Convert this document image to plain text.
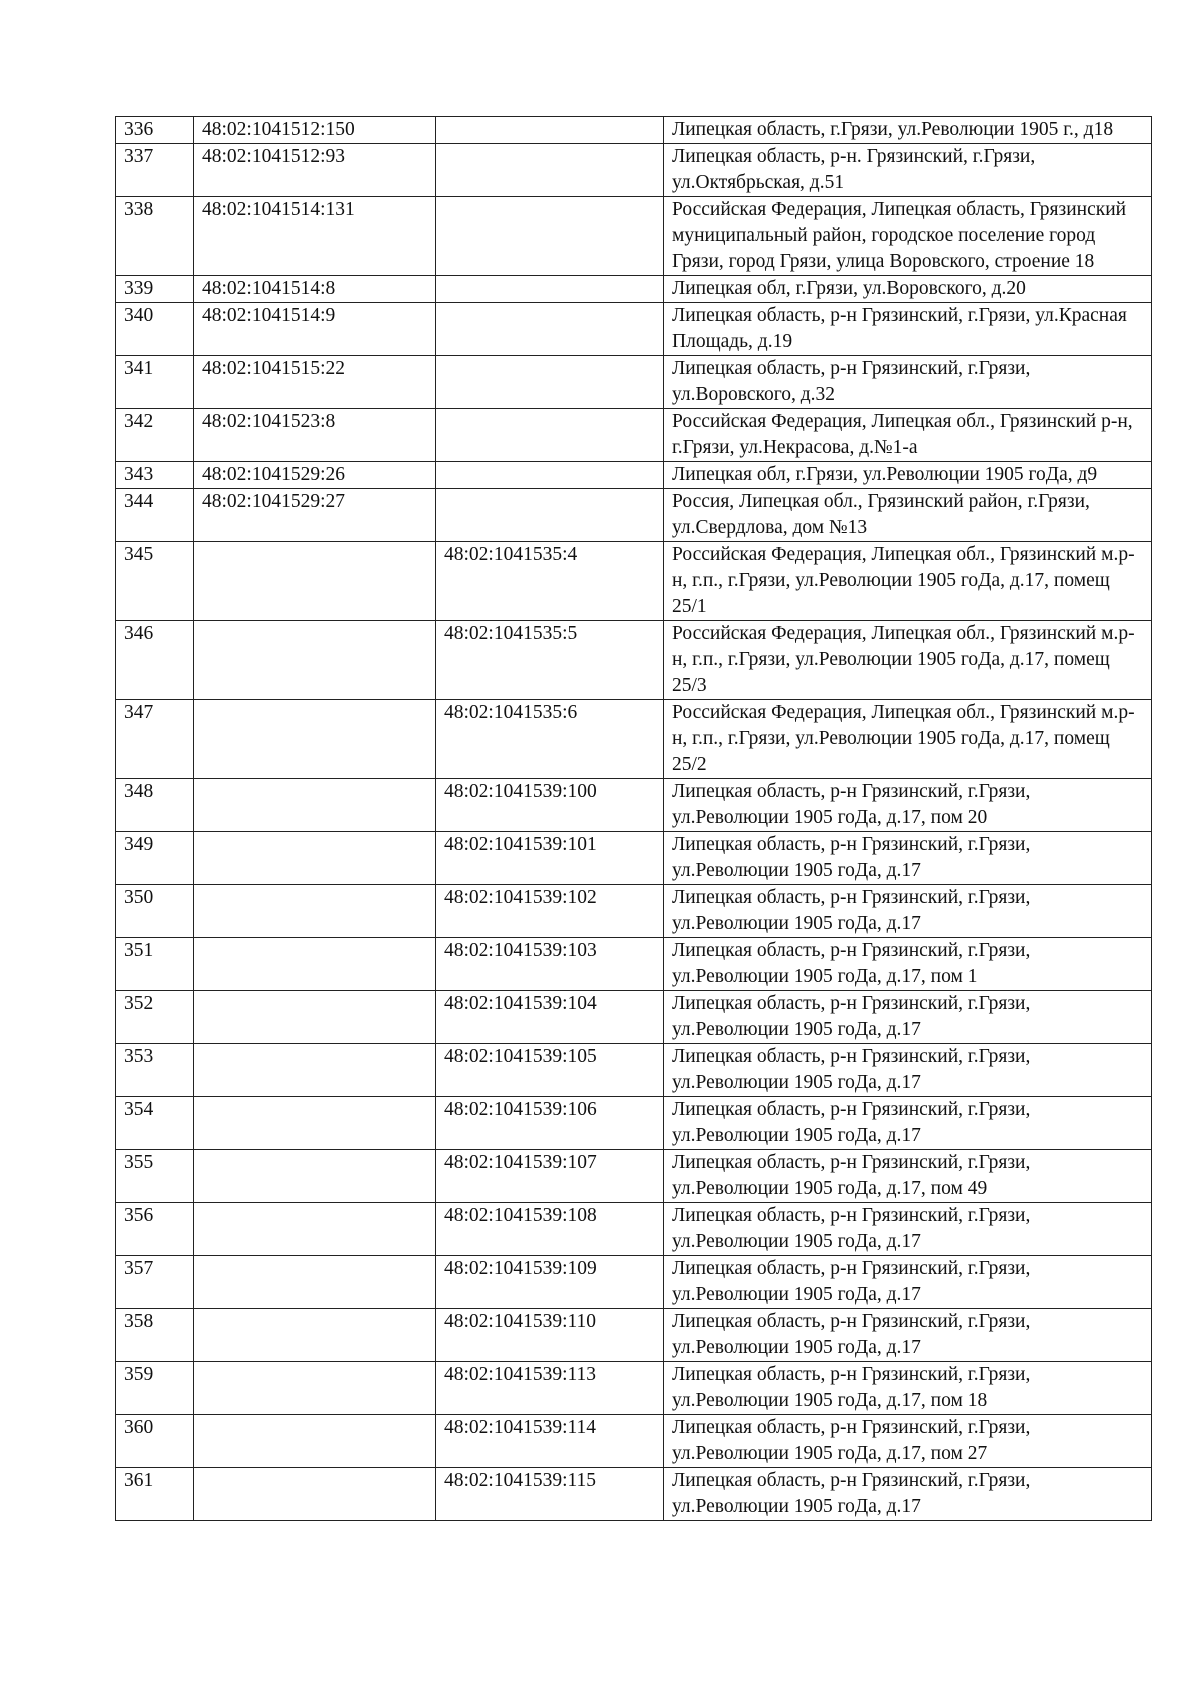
336	48:02:1041512:150		Липецкая область, г.Грязи, ул.Революции 1905 г., д18
337	48:02:1041512:93		Липецкая область, р-н. Грязинский, г.Грязи, ул.Октябрьская, д.51
338	48:02:1041514:131		Российская Федерация, Липецкая область, Грязинский муниципальный район, городское поселение город Грязи, город Грязи, улица Воровского, строение 18
339	48:02:1041514:8		Липецкая обл, г.Грязи, ул.Воровского, д.20
340	48:02:1041514:9		Липецкая область, р-н Грязинский, г.Грязи, ул.Красная Площадь, д.19
341	48:02:1041515:22		Липецкая область, р-н Грязинский, г.Грязи, ул.Воровского, д.32
342	48:02:1041523:8		Российская Федерация, Липецкая обл., Грязинский р-н, г.Грязи, ул.Некрасова, д.№1-а
343	48:02:1041529:26		Липецкая обл, г.Грязи, ул.Революции 1905 гоДа, д9
344	48:02:1041529:27		Россия, Липецкая обл., Грязинский район, г.Грязи, ул.Свердлова, дом №13
345		48:02:1041535:4	Российская Федерация, Липецкая обл., Грязинский м.р-н, г.п., г.Грязи, ул.Революции 1905 гоДа, д.17, помещ 25/1
346		48:02:1041535:5	Российская Федерация, Липецкая обл., Грязинский м.р-н, г.п., г.Грязи, ул.Революции 1905 гоДа, д.17, помещ 25/3
347		48:02:1041535:6	Российская Федерация, Липецкая обл., Грязинский м.р-н, г.п., г.Грязи, ул.Революции 1905 гоДа, д.17, помещ 25/2
348		48:02:1041539:100	Липецкая область, р-н Грязинский, г.Грязи, ул.Революции 1905 гоДа, д.17, пом 20
349		48:02:1041539:101	Липецкая область, р-н Грязинский, г.Грязи, ул.Революции 1905 гоДа, д.17
350		48:02:1041539:102	Липецкая область, р-н Грязинский, г.Грязи, ул.Революции 1905 гоДа, д.17
351		48:02:1041539:103	Липецкая область, р-н Грязинский, г.Грязи, ул.Революции 1905 гоДа, д.17, пом 1
352		48:02:1041539:104	Липецкая область, р-н Грязинский, г.Грязи, ул.Революции 1905 гоДа, д.17
353		48:02:1041539:105	Липецкая область, р-н Грязинский, г.Грязи, ул.Революции 1905 гоДа, д.17
354		48:02:1041539:106	Липецкая область, р-н Грязинский, г.Грязи, ул.Революции 1905 гоДа, д.17
355		48:02:1041539:107	Липецкая область, р-н Грязинский, г.Грязи, ул.Революции 1905 гоДа, д.17, пом 49
356		48:02:1041539:108	Липецкая область, р-н Грязинский, г.Грязи, ул.Революции 1905 гоДа, д.17
357		48:02:1041539:109	Липецкая область, р-н Грязинский, г.Грязи, ул.Революции 1905 гоДа, д.17
358		48:02:1041539:110	Липецкая область, р-н Грязинский, г.Грязи, ул.Революции 1905 гоДа, д.17
359		48:02:1041539:113	Липецкая область, р-н Грязинский, г.Грязи, ул.Революции 1905 гоДа, д.17, пом 18
360		48:02:1041539:114	Липецкая область, р-н Грязинский, г.Грязи, ул.Революции 1905 гоДа, д.17, пом 27
361		48:02:1041539:115	Липецкая область, р-н Грязинский, г.Грязи, ул.Революции 1905 гоДа, д.17
